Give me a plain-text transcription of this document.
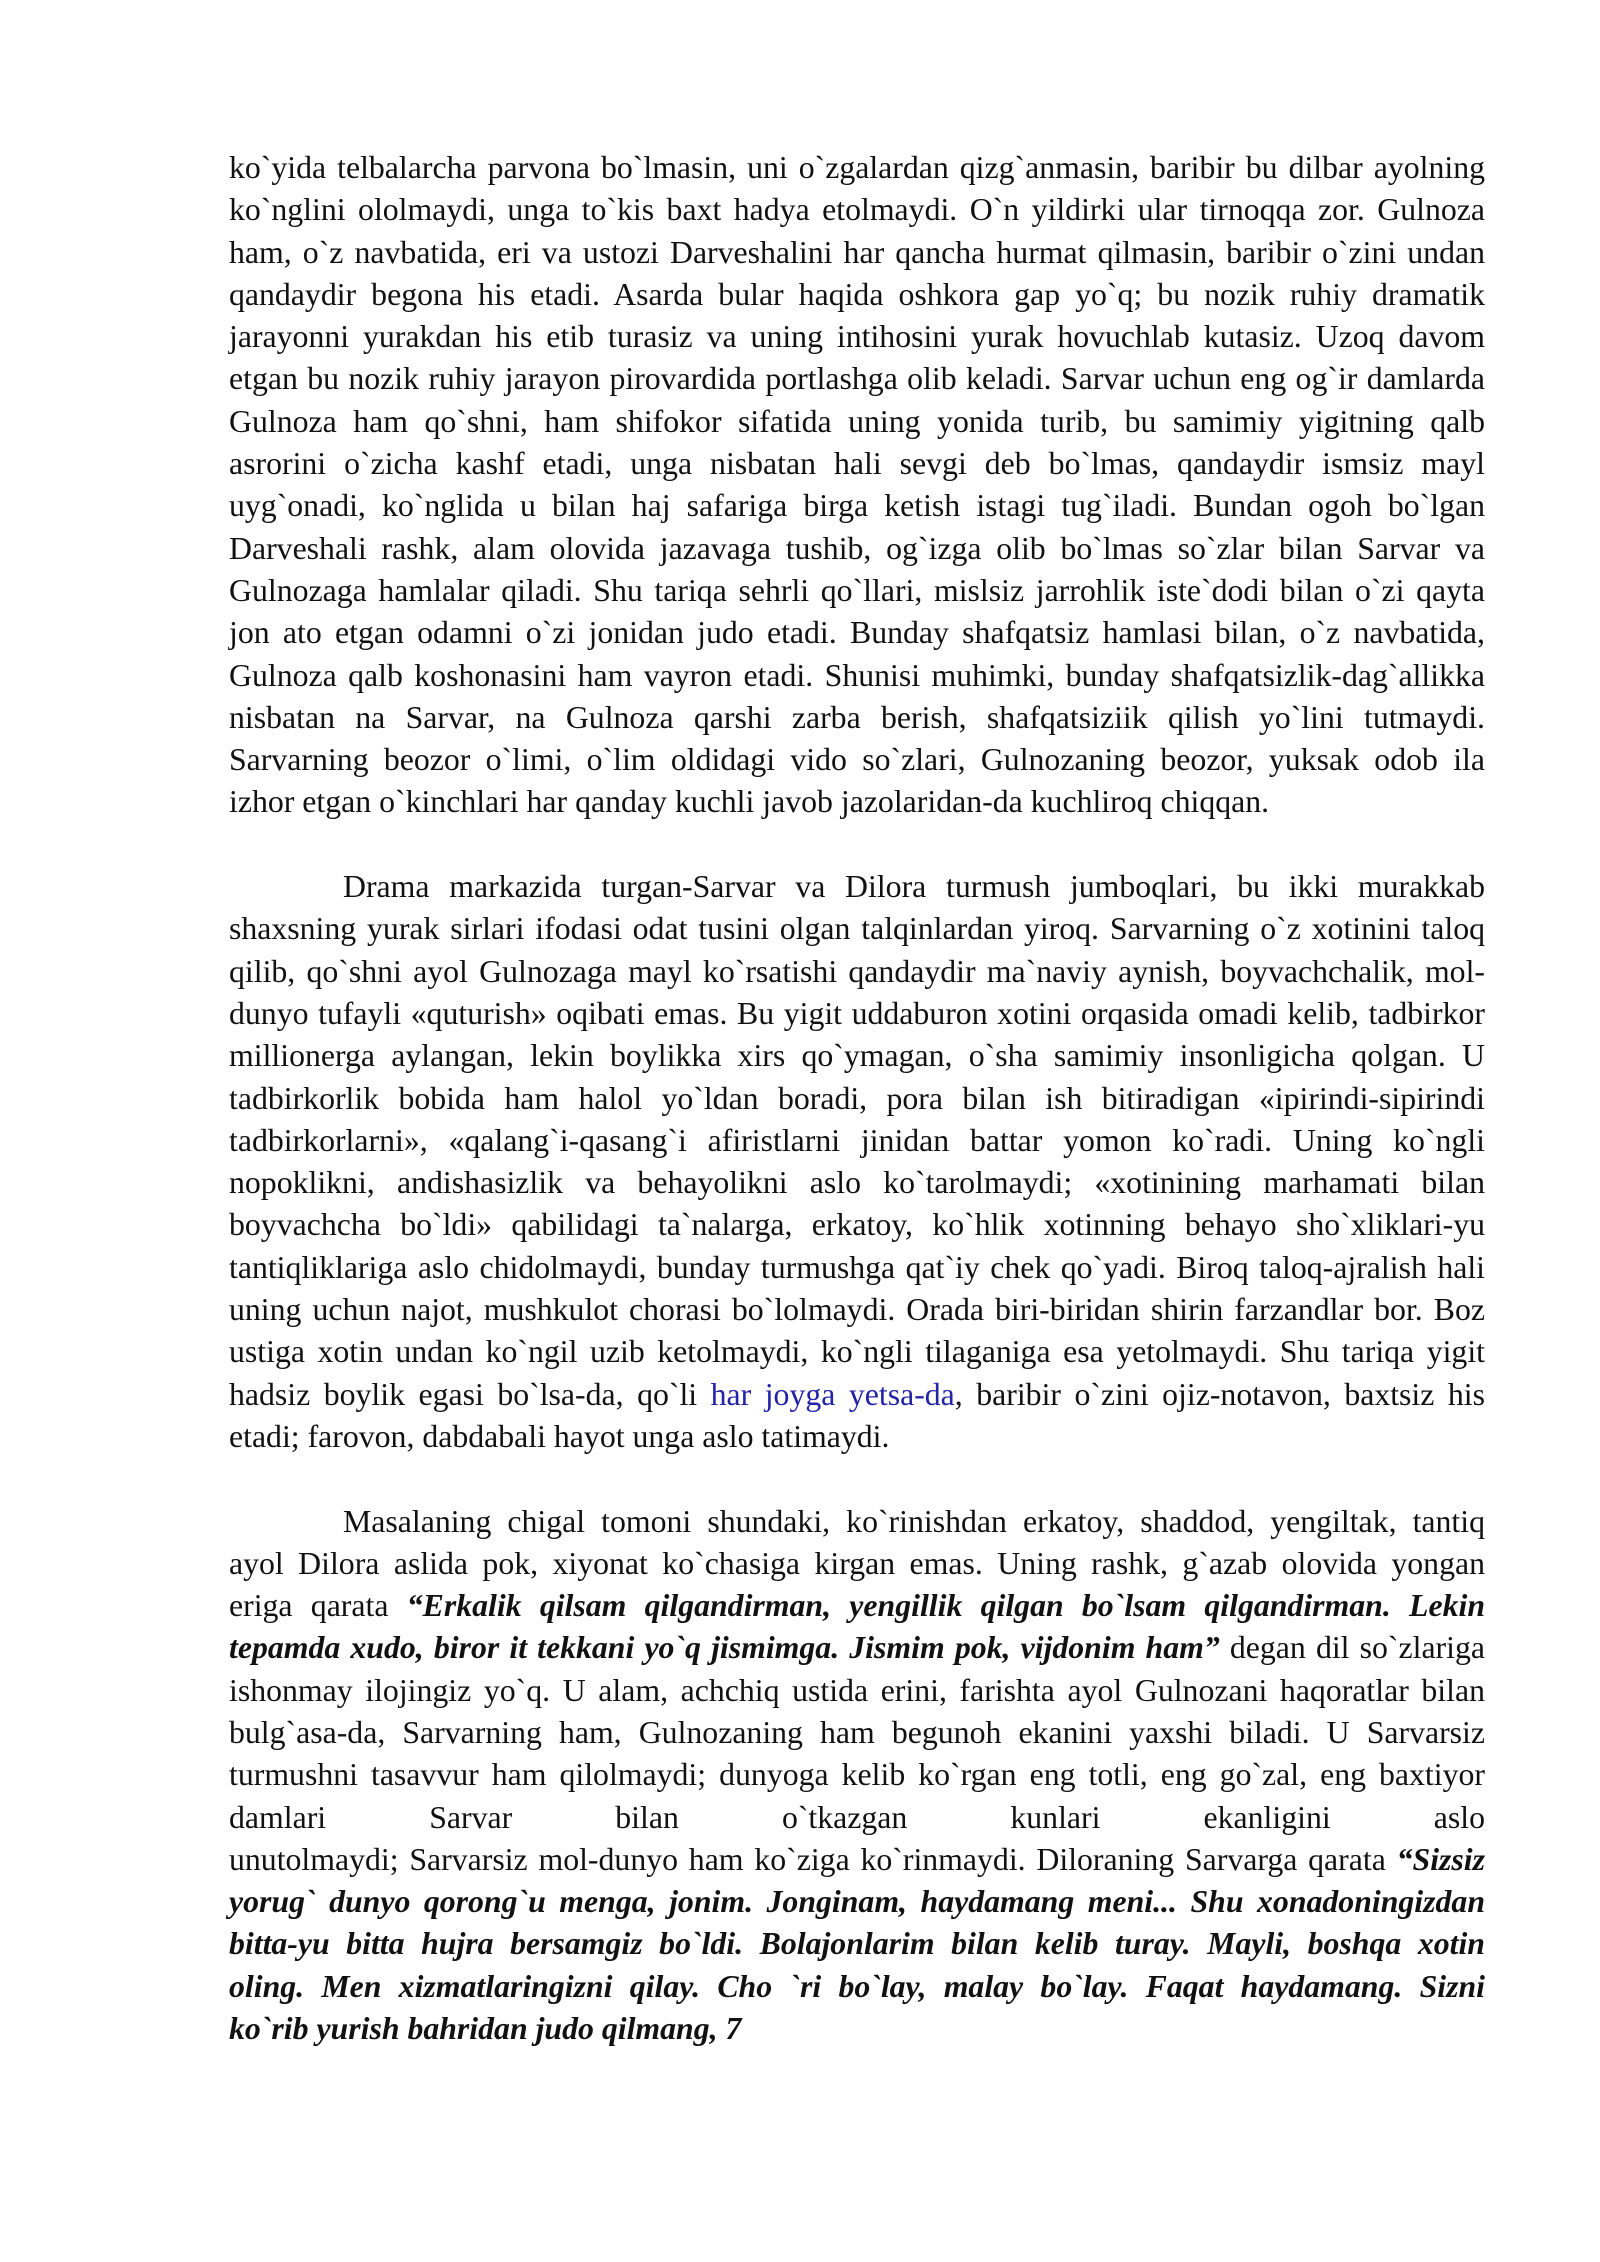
ko`yida telbalarcha parvona bo`lmasin, uni o`zgalardan qizg`anmasin, baribir bu dilbar ayolning
ko`nglini ololmaydi, unga to`kis baxt hadya etolmaydi. O`n yildirki ular tirnoqqa zor. Gulnoza
ham, o`z navbatida, eri va ustozi Darveshalini har qancha hurmat qilmasin, baribir o`zini undan
qandaydir begona his etadi. Asarda bular haqida oshkora gap yo`q; bu nozik ruhiy dramatik
jarayonni yurakdan his etib turasiz va uning intihosini yurak hovuchlab kutasiz. Uzoq davom
etgan bu nozik ruhiy jarayon pirovardida portlashga olib keladi. Sarvar uchun eng og`ir damlarda
Gulnoza ham qo`shni, ham shifokor sifatida uning yonida turib, bu samimiy yigitning qalb
asrorini o`zicha kashf etadi, unga nisbatan hali sevgi deb bo`lmas, qandaydir ismsiz mayl
uyg`onadi, ko`nglida u bilan haj safariga birga ketish istagi tug`iladi. Bundan ogoh bo`lgan
Darveshali rashk, alam olovida jazavaga tushib, og`izga olib bo`lmas so`zlar bilan Sarvar va
Gulnozaga hamlalar qiladi. Shu tariqa sehrli qo`llari, mislsiz jarrohlik iste`dodi bilan o`zi qayta
jon ato etgan odamni o`zi jonidan judo etadi. Bunday shafqatsiz hamlasi bilan, o`z navbatida,
Gulnoza qalb koshonasini ham vayron etadi. Shunisi muhimki, bunday shafqatsizlik-dag`allikka
nisbatan na Sarvar, na Gulnoza qarshi zarba berish, shafqatsiziik qilish yo`lini tutmaydi.
Sarvarning beozor o`limi, o`lim oldidagi vido so`zlari, Gulnozaning beozor, yuksak odob ila
izhor etgan o`kinchlari har qanday kuchli javob jazolaridan-da kuchliroq chiqqan.
Drama markazida turgan-Sarvar va Dilora turmush jumboqlari, bu ikki murakkab
shaxsning yurak sirlari ifodasi odat tusini olgan talqinlardan yiroq. Sarvarning o`z xotinini taloq
qilib, qo`shni ayol Gulnozaga mayl ko`rsatishi qandaydir ma`naviy aynish, boyvachchalik, mol-
dunyo tufayli «quturish» oqibati emas. Bu yigit uddaburon xotini orqasida omadi kelib, tadbirkor
millionerga aylangan, lekin boylikka xirs qo`ymagan, o`sha samimiy insonligicha qolgan. U
tadbirkorlik bobida ham halol yo`ldan boradi, pora bilan ish bitiradigan «ipirindi-sipirindi
tadbirkorlarni», «qalang`i-qasang`i afiristlarni jinidan battar yomon ko`radi. Uning ko`ngli
nopoklikni, andishasizlik va behayolikni aslo ko`tarolmaydi; «xotinining marhamati bilan
boyvachcha bo`ldi» qabilidagi ta`nalarga, erkatoy, ko`hlik xotinning behayo sho`xliklari-yu
tantiqliklariga aslo chidolmaydi, bunday turmushga qat`iy chek qo`yadi. Biroq taloq-ajralish hali
uning uchun najot, mushkulot chorasi bo`lolmaydi. Orada biri-biridan shirin farzandlar bor. Boz
ustiga xotin undan ko`ngil uzib ketolmaydi, ko`ngli tilaganiga esa yetolmaydi. Shu tariqa yigit
hadsiz boylik egasi bo`lsa-da, qo`li har joyga yetsa-da, baribir o`zini ojiz-notavon, baxtsiz his
etadi; farovon, dabdabali hayot unga aslo tatimaydi.
Masalaning chigal tomoni shundaki, ko`rinishdan erkatoy, shaddod, yengiltak, tantiq
ayol Dilora aslida pok, xiyonat ko`chasiga kirgan emas. Uning rashk, g`azab olovida yongan
eriga qarata “Erkalik qilsam qilgandirman, yengillik qilgan bo`lsam qilgandirman. Lekin
tepamda xudo, biror it tekkani yo`q jismimga. Jismim pok, vijdonim ham” degan dil so`zlariga
ishonmay ilojingiz yo`q. U alam, achchiq ustida erini, farishta ayol Gulnozani haqoratlar bilan
bulg`asa-da, Sarvarning ham, Gulnozaning ham begunoh ekanini yaxshi biladi. U Sarvarsiz
turmushni tasavvur ham qilolmaydi; dunyoga kelib ko`rgan eng totli, eng go`zal, eng baxtiyor
damlari Sarvar bilan o`tkazgan kunlari ekanligini aslo
unutolmaydi; Sarvarsiz mol-dunyo ham ko`ziga ko`rinmaydi. Diloraning Sarvarga qarata “Sizsiz
yorug` dunyo qorong`u menga, jonim. Jonginam, haydamang meni... Shu xonadoningizdan
bitta-yu bitta hujra bersamgiz bo`ldi. Bolajonlarim bilan kelib turay. Mayli, boshqa xotin
oling. Men xizmatlaringizni qilay. Cho `ri bo`lay, malay bo`lay. Faqat haydamang. Sizni
ko`rib yurish bahridan judo qilmang, 7
